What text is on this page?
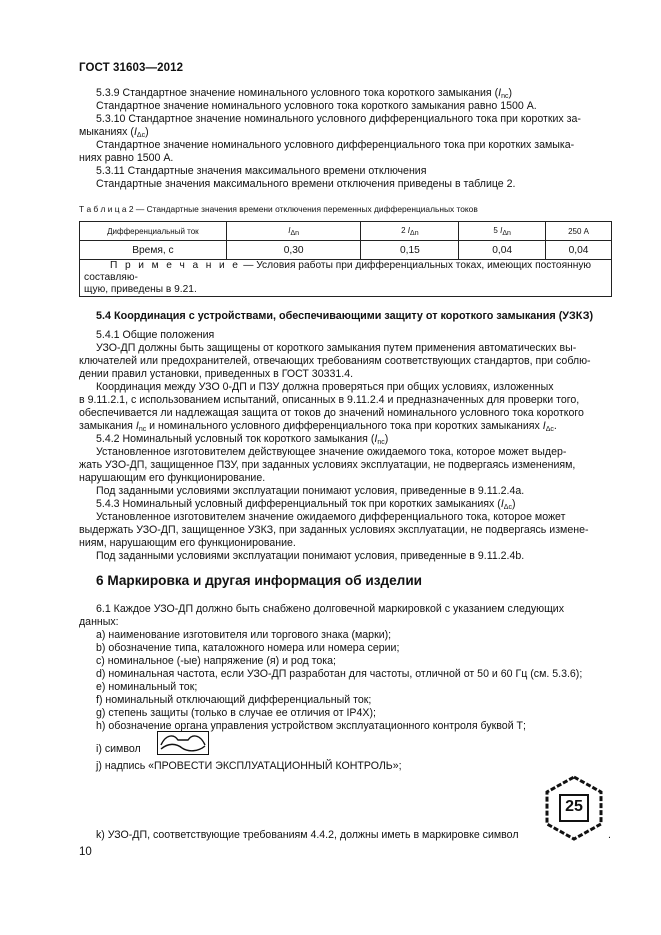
ГОСТ 31603—2012
5.3.9 Стандартное значение номинального условного тока короткого замыкания $(I_{nc})$
Стандартное значение номинального условного тока короткого замыкания равно 1500 А.
5.3.10 Стандартное значение номинального условного дифференциального тока при коротких за-
мыканиях $(I_{\Delta c})$
Стандартное значение номинального условного дифференциального тока при коротких замыка-
ниях равно 1500 А.
5.3.11 Стандартные значения максимального времени отключения
Стандартные значения максимального времени отключения приведены в таблице 2.
Т а б л и ц а 2 — Стандартные значения времени отключения переменных дифференциальных токов
Дифференциальный ток	$I_{\Delta n}$	2 $I_{\Delta n}$	5 $I_{\Delta n}$	250 А
Время, с	0,30	0,15	0,04	0,04
П р и м е ч а н и е — Условия работы при дифференциальных токах, имеющих постоянную составляю-
щую, приведены в 9.21.				
5.4 Координация с устройствами, обеспечивающими защиту от короткого замыкания (УЗКЗ)
5.4.1 Общие положения
УЗО-ДП должны быть защищены от короткого замыкания путем применения автоматических вы-
ключателей или предохранителей, отвечающих требованиям соответствующих стандартов, при соблю-
дении правил установки, приведенных в ГОСТ 30331.4.
Координация между УЗО 0-ДП и ПЗУ должна проверяться при общих условиях, изложенных
в 9.11.2.1, с использованием испытаний, описанных в 9.11.2.4 и предназначенных для проверки того,
обеспечивается ли надлежащая защита от токов до значений номинального условного тока короткого
замыкания $I_{nc}$ и номинального условного дифференциального тока при коротких замыканиях $I_{\Delta c}$.
5.4.2 Номинальный условный ток короткого замыкания $(I_{nc})$
Установленное изготовителем действующее значение ожидаемого тока, которое может выдер-
жать УЗО-ДП, защищенное ПЗУ, при заданных условиях эксплуатации, не подвергаясь изменениям,
нарушающим его функционирование.
Под заданными условиями эксплуатации понимают условия, приведенные в 9.11.2.4а.
5.4.3 Номинальный условный дифференциальный ток при коротких замыканиях $(I_{\Delta c})$
Установленное изготовителем значение ожидаемого дифференциального тока, которое может
выдержать УЗО-ДП, защищенное УЗКЗ, при заданных условиях эксплуатации, не подвергаясь измене-
ниям, нарушающим его функционирование.
Под заданными условиями эксплуатации понимают условия, приведенные в 9.11.2.4b.
6 Маркировка и другая информация об изделии
6.1 Каждое УЗО-ДП должно быть снабжено долговечной маркировкой с указанием следующих
данных:
a) наименование изготовителя или торгового знака (марки);
b) обозначение типа, каталожного номера или номера серии;
c) номинальное (-ые) напряжение (я) и род тока;
d) номинальная частота, если УЗО-ДП разработан для частоты, отличной от 50 и 60 Гц (см. 5.3.6);
e) номинальный ток;
f) номинальный отключающий дифференциальный ток;
g) степень защиты (только в случае ее отличия от IP4X);
h) обозначение органа управления устройством эксплуатационного контроля буквой Т;
i) символ
j) надпись «ПРОВЕСТИ ЭКСПЛУАТАЦИОННЫЙ КОНТРОЛЬ»;
25
k) УЗО-ДП, соответствующие требованиям 4.4.2, должны иметь в маркировке символ	.
10
